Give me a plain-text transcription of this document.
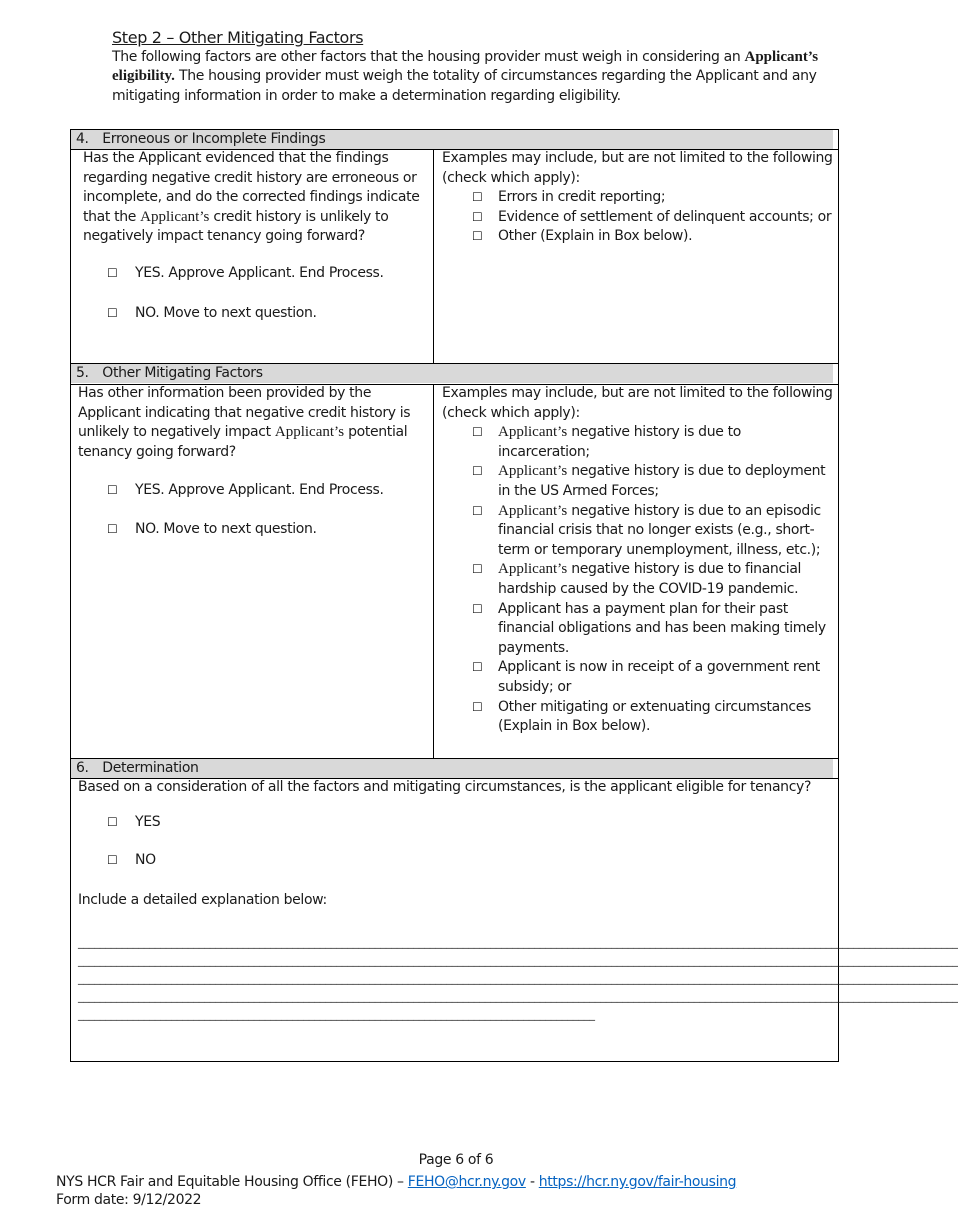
Step 2 – Other Mitigating Factors
The following factors are other factors that the housing provider must weigh in considering an Applicant’s eligibility. The housing provider must weigh the totality of circumstances regarding the Applicant and any mitigating information in order to make a determination regarding eligibility.
4. Erroneous or Incomplete Findings

Has the Applicant evidenced that the findings regarding negative credit history are erroneous or incomplete, and do the corrected findings indicate that the Applicant’s credit history is unlikely to negatively impact tenancy going forward?

☐	YES. Approve Applicant. End Process.
☐	NO. Move to next question.

Examples may include, but are not limited to the following (check which apply):

☐	Errors in credit reporting;
☐	Evidence of settlement of delinquent accounts; or
☐	Other (Explain in Box below).
5. Other Mitigating Factors

Has other information been provided by the Applicant indicating that negative credit history is unlikely to negatively impact Applicant’s potential tenancy going forward?

☐	YES. Approve Applicant. End Process.
☐	NO. Move to next question.

Examples may include, but are not limited to the following (check which apply):

☐	Applicant’s negative history is due to incarceration;
☐	Applicant’s negative history is due to deployment in the US Armed Forces;
☐	Applicant’s negative history is due to an episodic financial crisis that no longer exists (e.g., short-term or temporary unemployment, illness, etc.);
☐	Applicant’s negative history is due to financial hardship caused by the COVID-19 pandemic.
☐	Applicant has a payment plan for their past financial obligations and has been making timely payments.
☐	Applicant is now in receipt of a government rent subsidy; or
☐	Other mitigating or extenuating circumstances (Explain in Box below).
6. Determination

Based on a consideration of all the factors and mitigating circumstances, is the applicant eligible for tenancy?

☐	YES
☐	NO

Include a detailed explanation below:

________________________________________________________________________________________________________________________________________________________________
________________________________________________________________________________________________________________________________________________________________
________________________________________________________________________________________________________________________________________________________________
________________________________________________________________________________________________________________________________________________________________
______________________________________________________________________________________________
Page 6 of 6
NYS HCR Fair and Equitable Housing Office (FEHO) – FEHO@hcr.ny.gov - https://hcr.ny.gov/fair-housing
Form date: 9/12/2022
